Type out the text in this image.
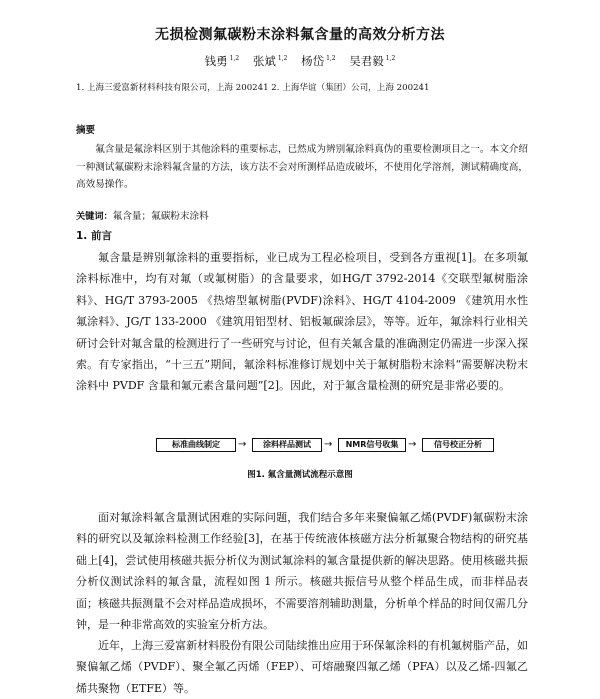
无损检测氟碳粉末涂料氟含量的高效分析方法
钱勇 $^{1,2}$ 张斌 $^{1,2}$ 杨岱 $^{1,2}$ 吴君毅 $^{1,2}$
1. 上海三爱富新材料科技有限公司，上海 200241 2. 上海华谊（集团）公司，上海 200241
摘要
氟含量是氟涂料区别于其他涂料的重要标志，已然成为辨别氟涂料真伪的重要检测项目之一。本文介绍一种测试氟碳粉末涂料氟含量的方法，该方法不会对所测样品造成破坏，不使用化学溶剂，测试精确度高，高效易操作。
关键词：氟含量；氟碳粉末涂料
1. 前言
氟含量是辨别氟涂料的重要指标，业已成为工程必检项目，受到各方重视[1]。在多项氟涂料标准中，均有对氟（或氟树脂）的含量要求，如HG/T 3792-2014《交联型氟树脂涂料》、HG/T 3793-2005 《热熔型氟树脂(PVDF)涂料》、HG/T 4104-2009 《建筑用水性氟涂料》、JG/T 133-2000 《建筑用铝型材、铝板氟碳涂层》，等等。近年，氟涂料行业相关研讨会针对氟含量的检测进行了一些研究与讨论，但有关氟含量的准确测定仍需进一步深入探索。有专家指出，“十三五”期间，氟涂料标准修订规划中关于氟树脂粉末涂料“需要解决粉末涂料中 PVDF 含量和氟元素含量问题”[2]。因此，对于氟含量检测的研究是非常必要的。
标准曲线制定	→	涂料样品测试	→	NMR信号收集 →	信号校正分析
图1. 氟含量测试流程示意图
面对氟涂料氟含量测试困难的实际问题，我们结合多年来聚偏氟乙烯(PVDF)氟碳粉末涂料的研究以及氟涂料检测工作经验[3]，在基于传统液体核磁方法分析氟聚合物结构的研究基础上[4]，尝试使用核磁共振分析仪为测试氟涂料的氟含量提供新的解决思路。使用核磁共振分析仪测试涂料的氟含量，流程如图 1 所示。核磁共振信号从整个样品生成，而非样品表面；核磁共振测量不会对样品造成损坏，不需要溶剂辅助测量，分析单个样品的时间仅需几分钟，是一种非常高效的实验室分析方法。
近年，上海三爱富新材料股份有限公司陆续推出应用于环保氟涂料的有机氟树脂产品，如聚偏氟乙烯（PVDF）、聚全氟乙丙烯（FEP）、可熔融聚四氟乙烯（PFA）以及乙烯-四氟乙烯共聚物（ETFE）等。
